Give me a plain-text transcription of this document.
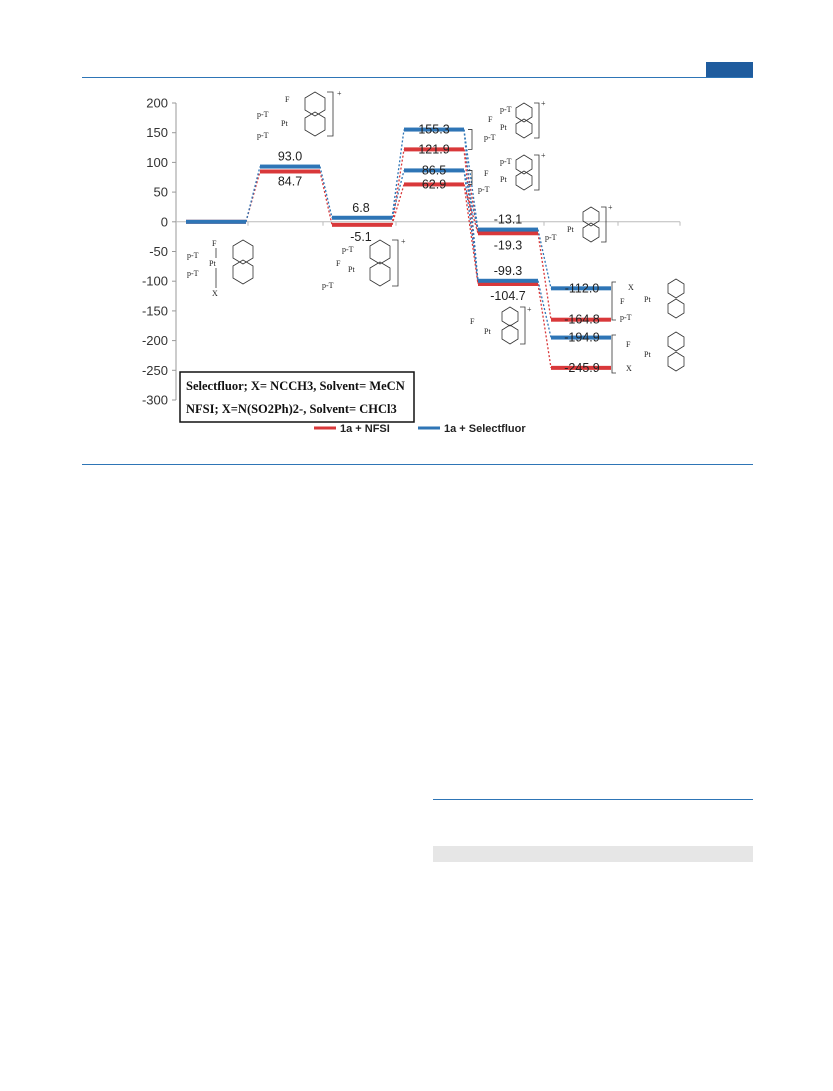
200
150
100
50
0
-50
-100
-150
-200
-250
-300
84.7
-5.1
121.9
62.9
-19.3
-104.7
-164.8
-245.9
93.0
6.8
155.3
86.5
-13.1
-99.3
-112.0
-194.9
F
p-T
Pt
p-T
X
F
p-T
Pt
p-T
+
p-T
F
Pt
p-T
+
p-T
F
Pt
p-T
+
p-T
F
Pt
p-T
+
p-T
Pt
+
F
Pt
+
X
F Pt
p-T
F
Pt
X
Selectfluor; X= NCCH3, Solvent= MeCN
NFSI; X=N(SO2Ph)2-, Solvent= CHCl3
1a + NFSI	1a + Selectfluor
